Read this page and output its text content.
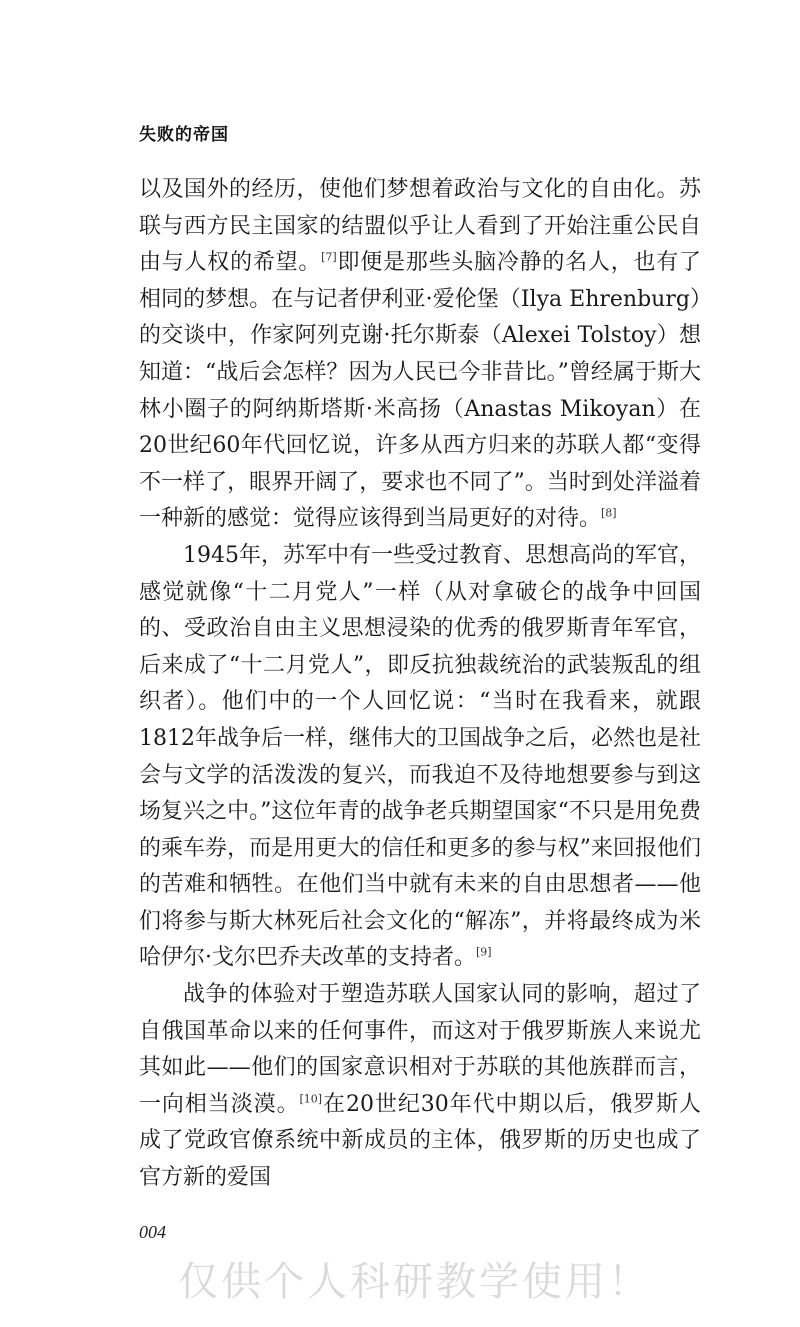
失败的帝国

以及国外的经历，使他们梦想着政治与文化的自由化。苏联与西方民主国家的结盟似乎让人看到了开始注重公民自由与人权的希望。[7]即便是那些头脑冷静的名人，也有了相同的梦想。在与记者伊利亚·爱伦堡（Ilya Ehrenburg）的交谈中，作家阿列克谢·托尔斯泰（Alexei Tolstoy）想知道：“战后会怎样？因为人民已今非昔比。”曾经属于斯大林小圈子的阿纳斯塔斯·米高扬（Anastas Mikoyan）在20世纪60年代回忆说，许多从西方归来的苏联人都“变得不一样了，眼界开阔了，要求也不同了”。当时到处洋溢着一种新的感觉：觉得应该得到当局更好的对待。[8]

1945年，苏军中有一些受过教育、思想高尚的军官，感觉就像“十二月党人”一样（从对拿破仑的战争中回国的、受政治自由主义思想浸染的优秀的俄罗斯青年军官，后来成了“十二月党人”，即反抗独裁统治的武装叛乱的组织者）。他们中的一个人回忆说：“当时在我看来，就跟1812年战争后一样，继伟大的卫国战争之后，必然也是社会与文学的活泼泼的复兴，而我迫不及待地想要参与到这场复兴之中。”这位年青的战争老兵期望国家“不只是用免费的乘车券，而是用更大的信任和更多的参与权”来回报他们的苦难和牺牲。在他们当中就有未来的自由思想者——他们将参与斯大林死后社会文化的“解冻”，并将最终成为米哈伊尔·戈尔巴乔夫改革的支持者。[9]

战争的体验对于塑造苏联人国家认同的影响，超过了自俄国革命以来的任何事件，而这对于俄罗斯族人来说尤其如此——他们的国家意识相对于苏联的其他族群而言，一向相当淡漠。[10]在20世纪30年代中期以后，俄罗斯人成了党政官僚系统中新成员的主体，俄罗斯的历史也成了官方新的爱国

004
仅供个人科研教学使用！
